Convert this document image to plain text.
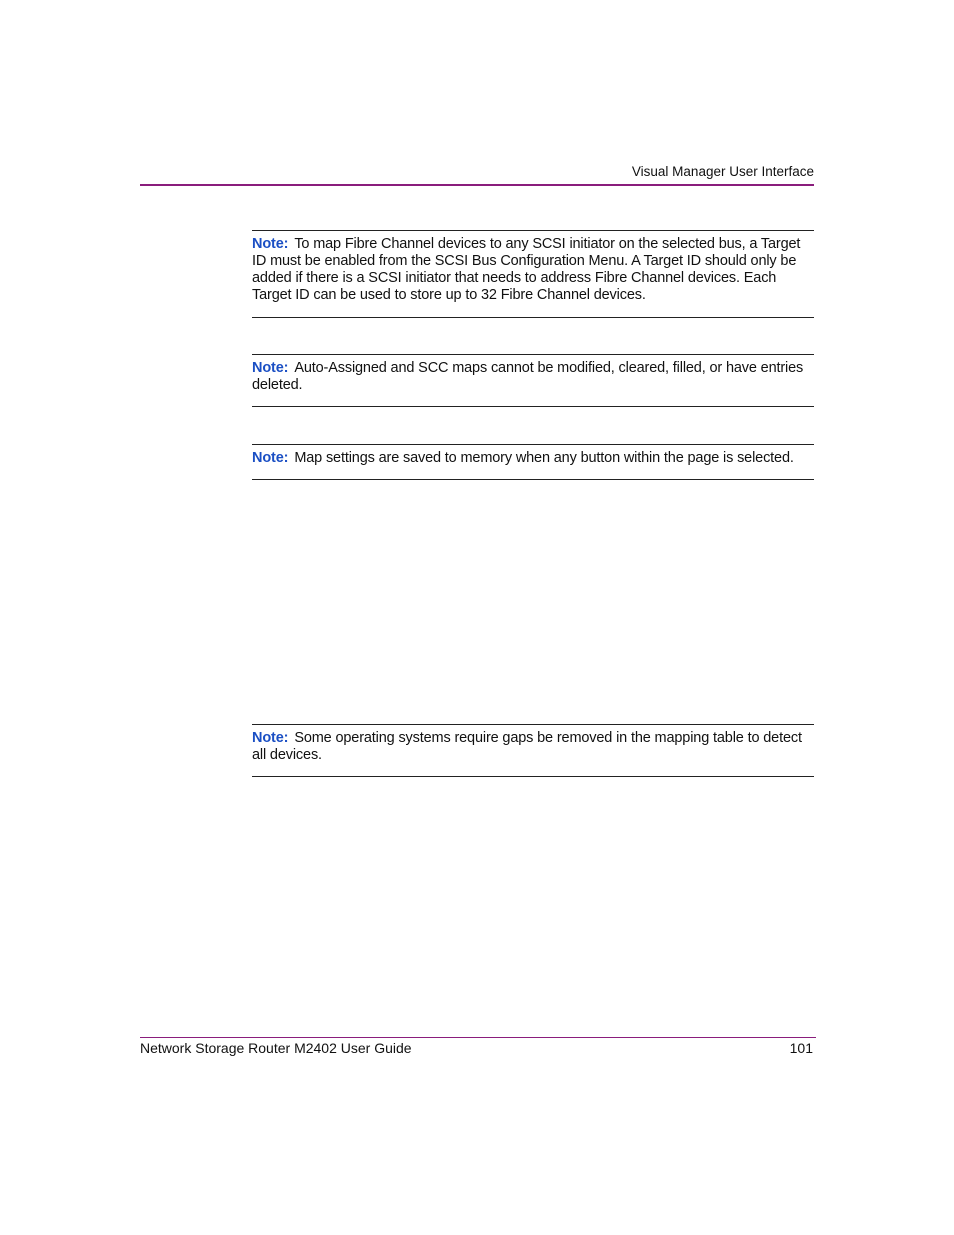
Visual Manager User Interface
Note: To map Fibre Channel devices to any SCSI initiator on the selected bus, a Target ID must be enabled from the SCSI Bus Configuration Menu. A Target ID should only be added if there is a SCSI initiator that needs to address Fibre Channel devices. Each Target ID can be used to store up to 32 Fibre Channel devices.
Note: Auto-Assigned and SCC maps cannot be modified, cleared, filled, or have entries deleted.
Note: Map settings are saved to memory when any button within the page is selected.
Note: Some operating systems require gaps be removed in the mapping table to detect all devices.
Network Storage Router M2402 User Guide	101
